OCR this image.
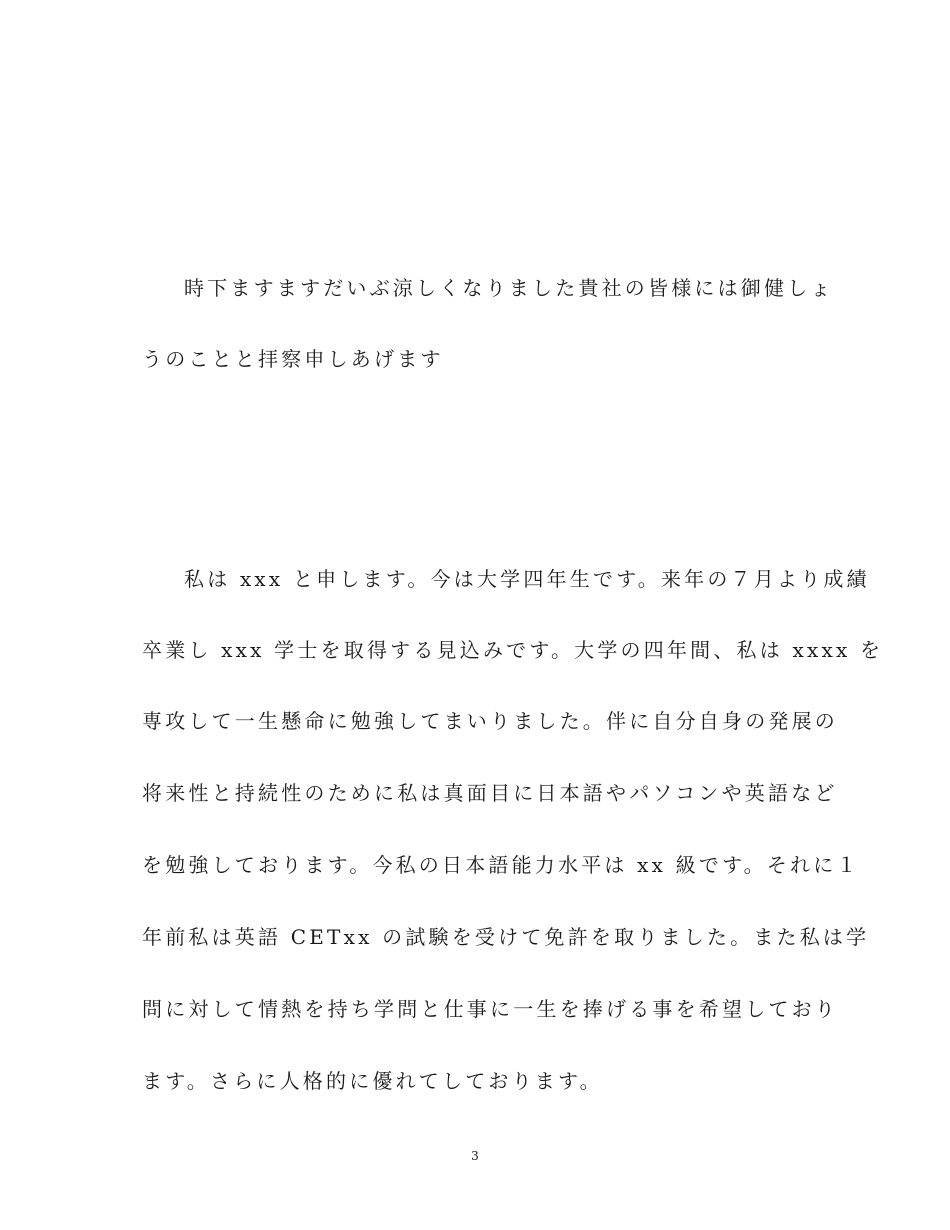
時下ますますだいぶ涼しくなりました貴社の皆様には御健しょ
うのことと拝察申しあげます
私は xxx と申します。今は大学四年生です。来年の７月より成績
卒業し xxx 学士を取得する見込みです。大学の四年間、私は xxxx を
専攻して一生懸命に勉強してまいりました。伴に自分自身の発展の
将来性と持続性のために私は真面目に日本語やパソコンや英語など
を勉強しております。今私の日本語能力水平は xx 級です。それに１
年前私は英語 CETxx の試験を受けて免許を取りました。また私は学
問に対して情熱を持ち学問と仕事に一生を捧げる事を希望しており
ます。さらに人格的に優れてしております。
3
